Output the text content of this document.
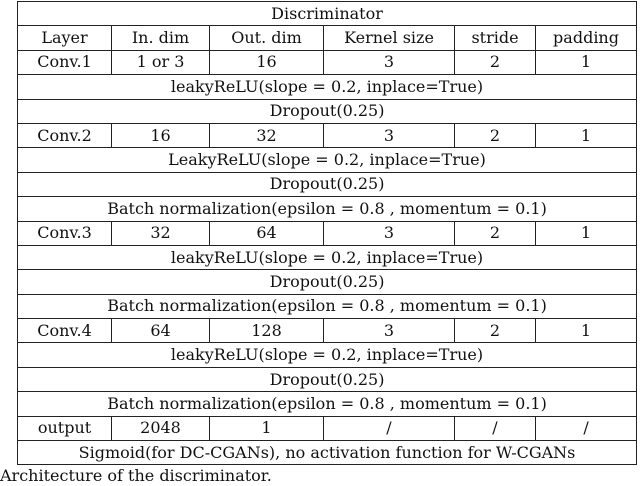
Discriminator					
Layer	In. dim	Out. dim	Kernel size	stride	padding
Conv.1	1 or 3	16	3	2	1
leakyReLU(slope = 0.2, inplace=True)					
Dropout(0.25)					
Conv.2	16	32	3	2	1
LeakyReLU(slope = 0.2, inplace=True)					
Dropout(0.25)					
Batch normalization(epsilon = 0.8 , momentum = 0.1)					
Conv.3	32	64	3	2	1
leakyReLU(slope = 0.2, inplace=True)					
Dropout(0.25)					
Batch normalization(epsilon = 0.8 , momentum = 0.1)					
Conv.4	64	128	3	2	1
leakyReLU(slope = 0.2, inplace=True)					
Dropout(0.25)					
Batch normalization(epsilon = 0.8 , momentum = 0.1)					
output	2048	1	/	/	/
Sigmoid(for DC-CGANs), no activation function for W-CGANs					
Architecture of the discriminator.
